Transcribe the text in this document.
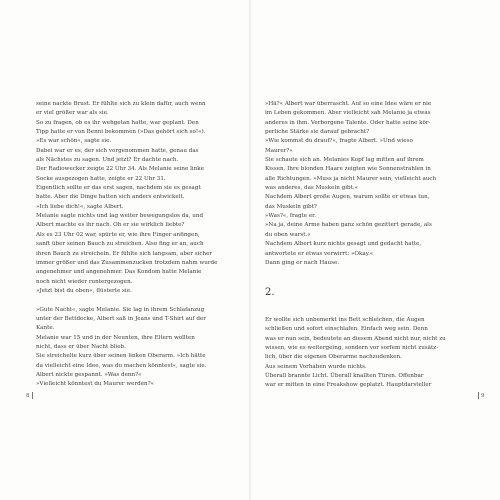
seine nackte Brust. Er fühlte sich zu klein dafür, auch wenn
er viel größer war als sie.
So zu fragen, ob es ihr wehgetan hatte, war geplant. Den
Tipp hatte er von Benni bekommen (»Das gehört sich so!«).
»Es war schön«, sagte sie.
Dabei war er es, der sich vorgenommen hatte, genau das
als Nächstes zu sagen. Und jetzt? Er dachte nach.
Der Radiowecker zeigte 22 Uhr 34. Als Melanie seine linke
Socke ausgezogen hatte, zeigte er 22 Uhr 31.
Eigentlich sollte er das erst sagen, nachdem sie es gesagt
hatte. Aber die Dinge hatten sich anders entwickelt.
»Ich liebe dich!«, sagte Albert.
Melanie sagte nichts und lag weiter bewegungslos da, und
Albert machte es ihr nach. Ob er sie wirklich liebte?
Als es 23 Uhr 02 war, spürte er, wie ihre Finger anfingen,
sanft über seinen Bauch zu streichen. Also fing er an, auch
ihren Bauch zu streicheln. Er fühlte sich langsam, aber sicher
immer größer und das Zusammenzucken trotzdem nahm wurde
angenehmer und angenehmer. Das Kondom hatte Melanie
noch nicht wieder runtergezogen.
»Jetzt bist du oben«, flüsterte sie.
»Gute Nacht«, sagte Melanie. Sie lag in ihrem Schlafanzug
unter der Bettdecke, Albert saß in Jeans und T-Shirt auf der
Kante.
Melanie war 15 und in der Neunten, ihre Eltern wollten
nicht, dass er über Nacht blieb.
Sie streichelte kurz über seinen linken Oberarm. »Ich hätte
da vielleicht eine Idee, was du machen könntest«, sagte sie.
Albert nickte gespannt. »Was denn?«
»Vielleicht könntest du Maurer werden?«
»Hä?« Albert war überrascht. Auf so eine Idee wäre er nie
im Leben gekommen. Aber vielleicht sah Melanie ja etwas
anderes in ihm. Verborgene Talente. Oder hatte seine kör-
perliche Stärke sie darauf gebracht?
»Wie kommst du drauf?«, fragte Albert. »Und wieso
Maurer?«
Sie schaute sich an. Melanies Kopf lag mitten auf ihrem
Kissen. Ihre blonden Haare zeigten wie Sonnenstrahlen in
alle Richtungen. »Muss ja nicht Maurer sein, vielleicht auch
was anderes, das Muskeln gibt.«
Nachdem Albert große Augen, warum sollte er etwas tun,
das Muskeln gibt?
»Was?«, fragte er.
»Na ja, deine Arme haben ganz schön gezittert gerade, als
du oben warst.«
Nachdem Albert kurz nichts gesagt und gedacht hatte,
antwortete er etwas verwirrt: »Okay.«
Dann ging er nach Hause.
2.
Er wollte sich unbemerkt ins Bett schleichen, die Augen
schließen und sofort einschlafen. Einfach weg sein. Denn
was er nun sein, bedeutete an diesem Abend nicht nur, nicht zu
wissen, wie es weitergeing, sondern vor sorfem nicht zusätz-
lich, über die eigenen Oberarme nachzudenken.
Aus seinem Vorhaben wurde nichts.
Überall brannte Licht. Überall knallten Türen. Offenbar
war er mitten in eine Freakshow geplatzt. Hauptdarsteller
8	9
